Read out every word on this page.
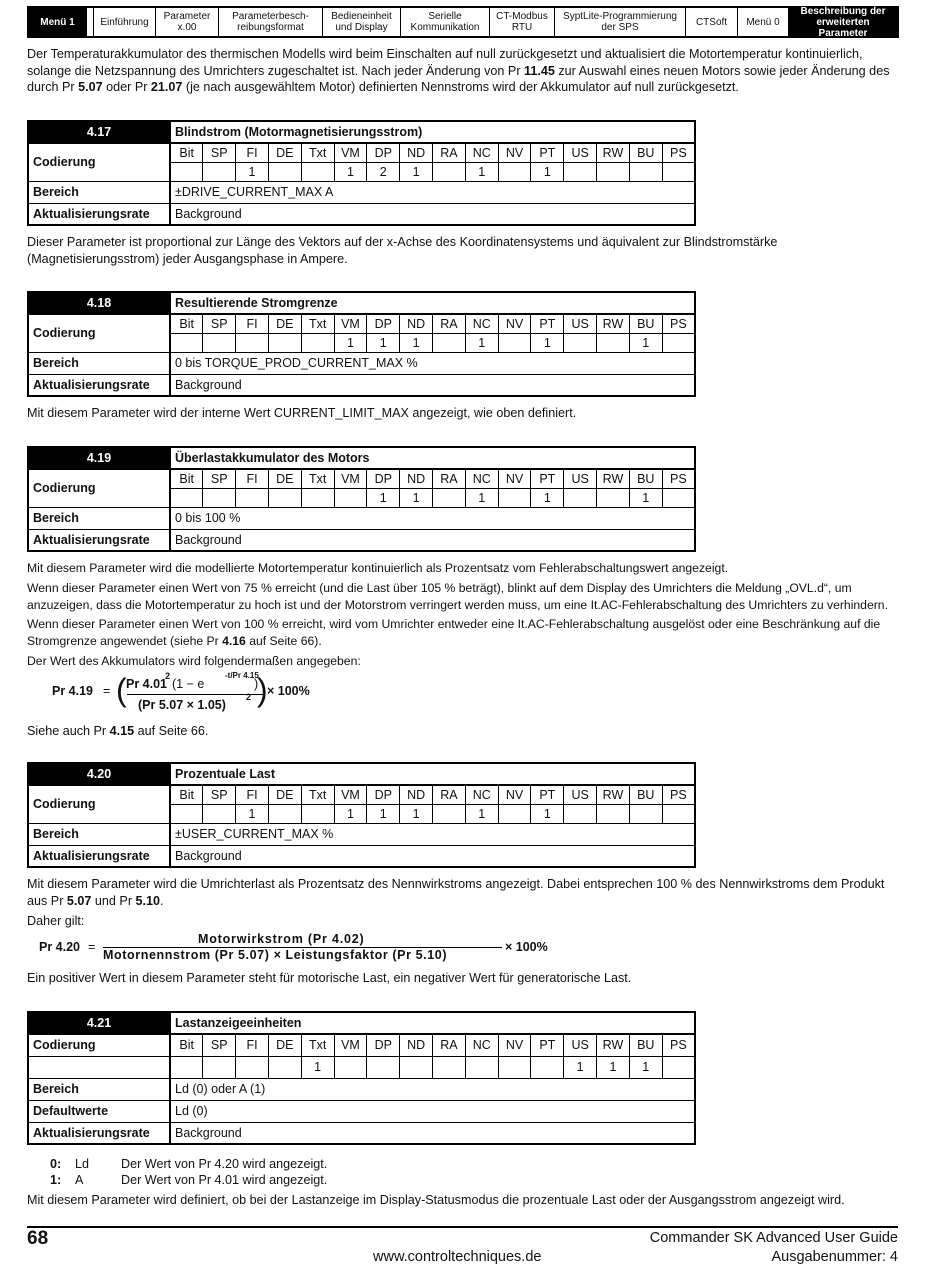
Menü 1	Einführung	Parameter x.00
Parameterbesch-reibungsformat
Bedieneinheit und Display
Serielle Kommunikation
CT-Modbus RTU
SyptLite-Programmierung der SPS	CTSoft	Menü 0
Beschreibung der erweiterten Parameter

Der Temperaturakkumulator des thermischen Modells wird beim Einschalten auf null zurückgesetzt und aktualisiert die Motortemperatur kontinuierlich, solange die Netzspannung des Umrichters zugeschaltet ist. Nach jeder Änderung von Pr 11.45 zur Auswahl eines neuen Motors sowie jeder Änderung des durch Pr 5.07 oder Pr 21.07 (je nach ausgewähltem Motor) definierten Nennstroms wird der Akkumulator auf null zurückgesetzt.

4.17	Blindstrom (Motormagnetisierungsstrom)															
Codierung	Bit	SP	FI	DE	Txt	VM	DP	ND	RA	NC	NV	PT	US	RW	BU	PS
			1			1	2	1		1		1				
Bereich	±DRIVE_CURRENT_MAX A															
Aktualisierungsrate	Background															

Dieser Parameter ist proportional zur Länge des Vektors auf der x-Achse des Koordinatensystems und äquivalent zur Blindstromstärke (Magnetisierungsstrom) jeder Ausgangsphase in Ampere.

4.18	Resultierende Stromgrenze															
Codierung	Bit	SP	FI	DE	Txt	VM	DP	ND	RA	NC	NV	PT	US	RW	BU	PS
						1	1	1		1		1			1	
Bereich	0 bis TORQUE_PROD_CURRENT_MAX %															
Aktualisierungsrate	Background															

Mit diesem Parameter wird der interne Wert CURRENT_LIMIT_MAX angezeigt, wie oben definiert.

4.19	Überlastakkumulator des Motors															
Codierung	Bit	SP	FI	DE	Txt	VM	DP	ND	RA	NC	NV	PT	US	RW	BU	PS
							1	1		1		1			1	
Bereich	0 bis 100 %															
Aktualisierungsrate	Background															

Mit diesem Parameter wird die modellierte Motortemperatur kontinuierlich als Prozentsatz vom Fehlerabschaltungswert angezeigt.

Wenn dieser Parameter einen Wert von 75 % erreicht (und die Last über 105 % beträgt), blinkt auf dem Display des Umrichters die Meldung „OVL.d“, um anzuzeigen, dass die Motortemperatur zu hoch ist und der Motorstrom verringert werden muss, um eine It.AC-Fehlerabschaltung des Umrichters zu verhindern.

Wenn dieser Parameter einen Wert von 100 % erreicht, wird vom Umrichter entweder eine It.AC-Fehlerabschaltung ausgelöst oder eine Beschränkung auf die Stromgrenze angewendet (siehe Pr 4.16 auf Seite 66).

Der Wert des Akkumulators wird folgendermaßen angegeben:

Pr 4.19 = ( Pr 4.01
2
(1 − e
-t/Pr 4.15
)
(Pr 5.07 × 1.05)
2 ) × 100%

Siehe auch Pr 4.15 auf Seite 66.

4.20	Prozentuale Last															
Codierung	Bit	SP	FI	DE	Txt	VM	DP	ND	RA	NC	NV	PT	US	RW	BU	PS
			1			1	1	1		1		1				
Bereich	±USER_CURRENT_MAX %															
Aktualisierungsrate	Background															

Mit diesem Parameter wird die Umrichterlast als Prozentsatz des Nennwirkstroms angezeigt. Dabei entsprechen 100 % des Nennwirkstroms dem Produkt aus Pr 5.07 und Pr 5.10.

Daher gilt:

Pr 4.20 =
Motorwirkstrom (Pr 4.02)
Motornennstrom (Pr 5.07) × Leistungsfaktor (Pr 5.10)
× 100%

Ein positiver Wert in diesem Parameter steht für motorische Last, ein negativer Wert für generatorische Last.

4.21	Lastanzeigeeinheiten															
Codierung	Bit	SP	FI	DE	Txt	VM	DP	ND	RA	NC	NV	PT	US	RW	BU	PS
					1								1	1	1	
Bereich	Ld (0) oder A (1)															
Defaultwerte	Ld (0)															
Aktualisierungsrate	Background															
0: Ld	Der Wert von Pr 4.20 wird angezeigt.
1: A	Der Wert von Pr 4.01 wird angezeigt.

Mit diesem Parameter wird definiert, ob bei der Lastanzeige im Display-Statusmodus die prozentuale Last oder der Ausgangsstrom angezeigt wird.

68	Commander SK Advanced User Guide
www.controltechniques.de	Ausgabenummer: 4
